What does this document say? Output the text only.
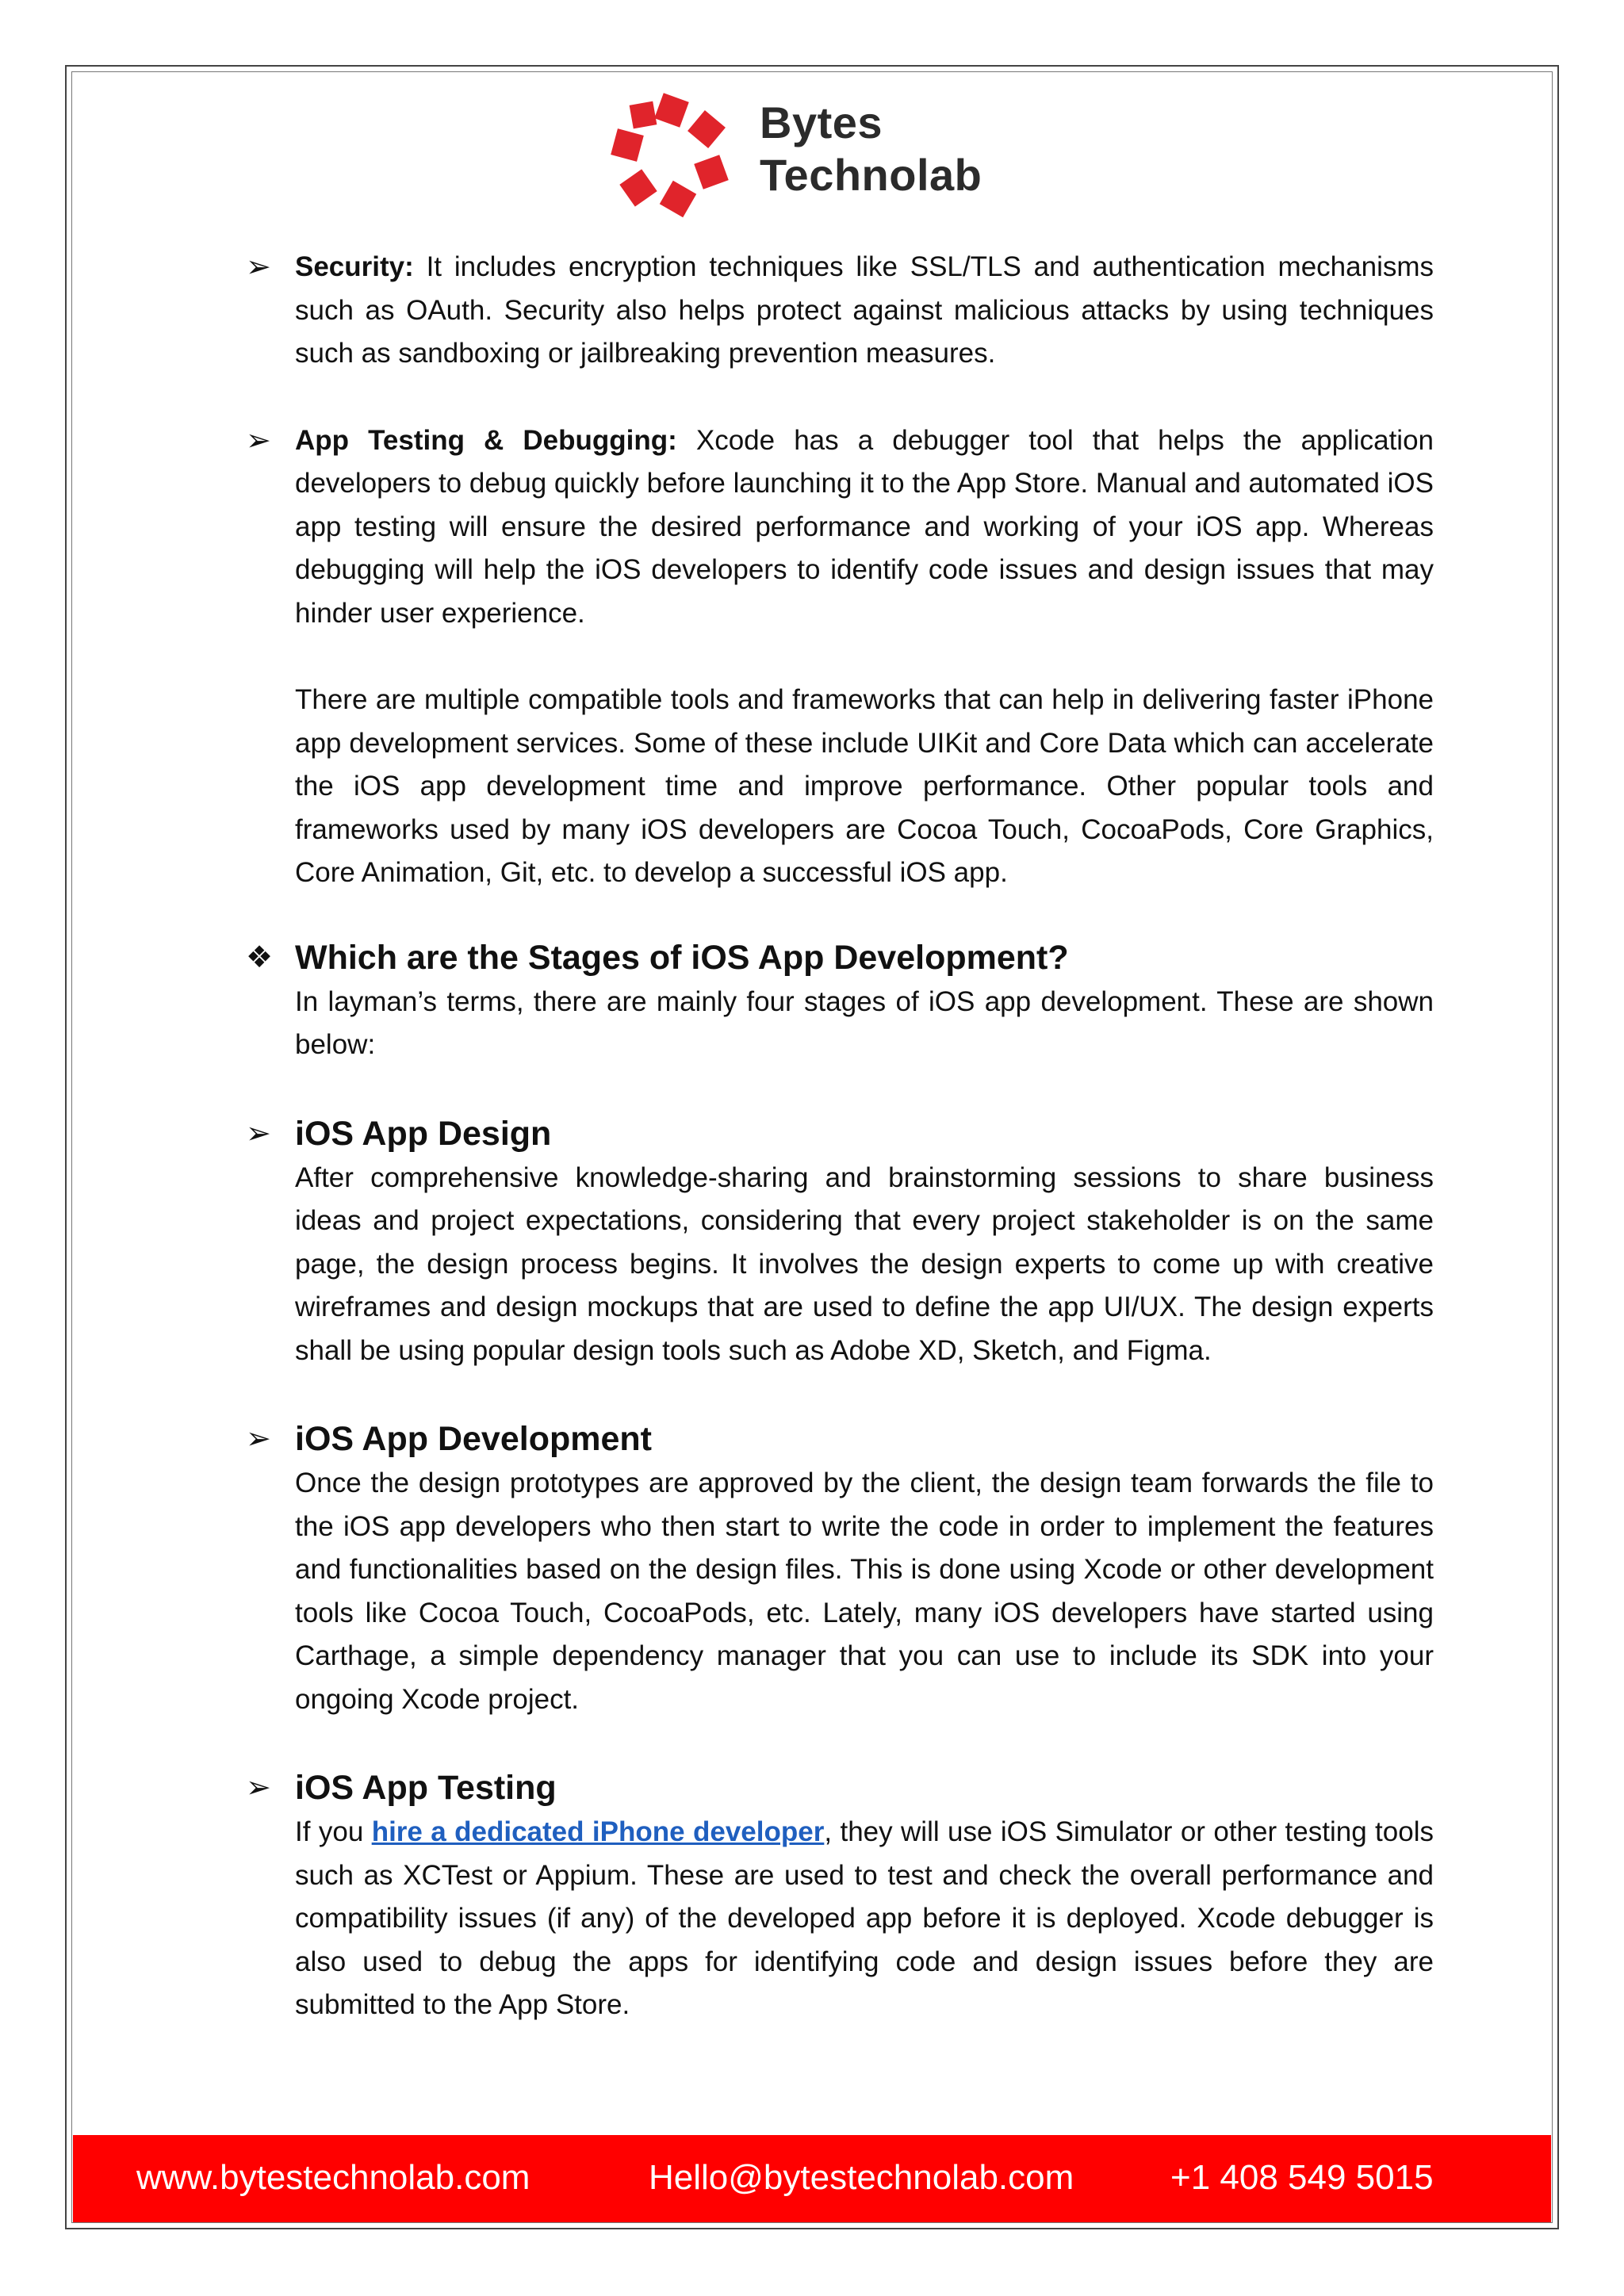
Bytes
Technolab
➢ Security: It includes encryption techniques like SSL/TLS and authentication mechanisms such as OAuth. Security also helps protect against malicious attacks by using techniques such as sandboxing or jailbreaking prevention measures.

➢ App Testing & Debugging: Xcode has a debugger tool that helps the application developers to debug quickly before launching it to the App Store. Manual and automated iOS app testing will ensure the desired performance and working of your iOS app. Whereas debugging will help the iOS developers to identify code issues and design issues that may hinder user experience.

There are multiple compatible tools and frameworks that can help in delivering faster iPhone app development services. Some of these include UIKit and Core Data which can accelerate the iOS app development time and improve performance. Other popular tools and frameworks used by many iOS developers are Cocoa Touch, CocoaPods, Core Graphics, Core Animation, Git, etc. to develop a successful iOS app.

❖ Which are the Stages of iOS App Development?

In layman’s terms, there are mainly four stages of iOS app development. These are shown below:

➢ iOS App Design

After comprehensive knowledge-sharing and brainstorming sessions to share business ideas and project expectations, considering that every project stakeholder is on the same page, the design process begins. It involves the design experts to come up with creative wireframes and design mockups that are used to define the app UI/UX. The design experts shall be using popular design tools such as Adobe XD, Sketch, and Figma.

➢ iOS App Development

Once the design prototypes are approved by the client, the design team forwards the file to the iOS app developers who then start to write the code in order to implement the features and functionalities based on the design files. This is done using Xcode or other development tools like Cocoa Touch, CocoaPods, etc. Lately, many iOS developers have started using Carthage, a simple dependency manager that you can use to include its SDK into your ongoing Xcode project.

➢ iOS App Testing

If you hire a dedicated iPhone developer, they will use iOS Simulator or other testing tools such as XCTest or Appium. These are used to test and check the overall performance and compatibility issues (if any) of the developed app before it is deployed. Xcode debugger is also used to debug the apps for identifying code and design issues before they are submitted to the App Store.

www.bytestechnolab.com	Hello@bytestechnolab.com	+1 408 549 5015
